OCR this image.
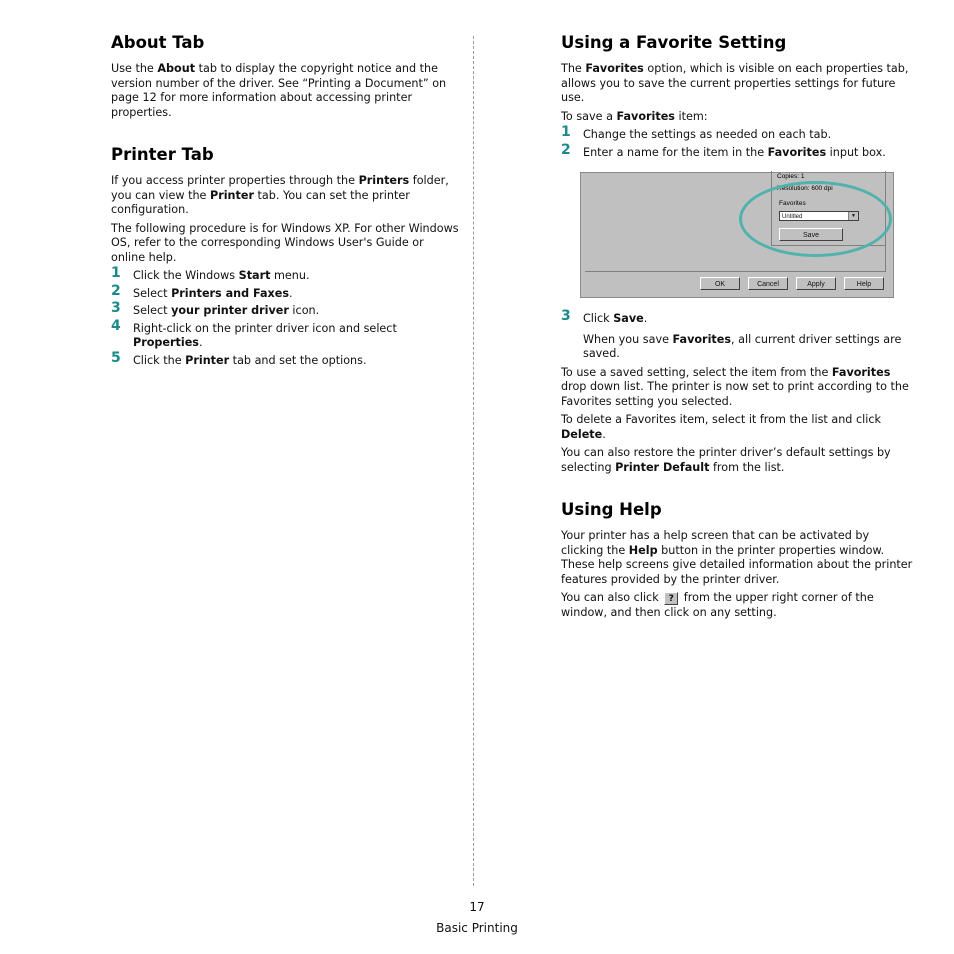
About Tab

Use the About tab to display the copyright notice and the version number of the driver. See “Printing a Document” on page 12 for more information about accessing printer properties.

Printer Tab

If you access printer properties through the Printers folder, you can view the Printer tab. You can set the printer configuration.

The following procedure is for Windows XP. For other Windows OS, refer to the corresponding Windows User's Guide or online help.

1 Click the Windows Start menu.
2 Select Printers and Faxes.
3 Select your printer driver icon.
4 Right-click on the printer driver icon and select Properties.
5 Click the Printer tab and set the options.
Using a Favorite Setting

The Favorites option, which is visible on each properties tab, allows you to save the current properties settings for future use.

To save a Favorites item:

1 Change the settings as needed on each tab.
2 Enter a name for the item in the Favorites input box.
Copies: 1
Resolution: 600 dpi
Favorites
Untitled	▼
Save
OK	Cancel	Apply	Help
3 Click Save.

When you save Favorites, all current driver settings are saved.

To use a saved setting, select the item from the Favorites drop down list. The printer is now set to print according to the Favorites setting you selected.

To delete a Favorites item, select it from the list and click Delete.

You can also restore the printer driver’s default settings by selecting Printer Default from the list.

Using Help

Your printer has a help screen that can be activated by clicking the Help button in the printer properties window. These help screens give detailed information about the printer features provided by the printer driver.

You can also click ? from the upper right corner of the window, and then click on any setting.

17
Basic Printing
